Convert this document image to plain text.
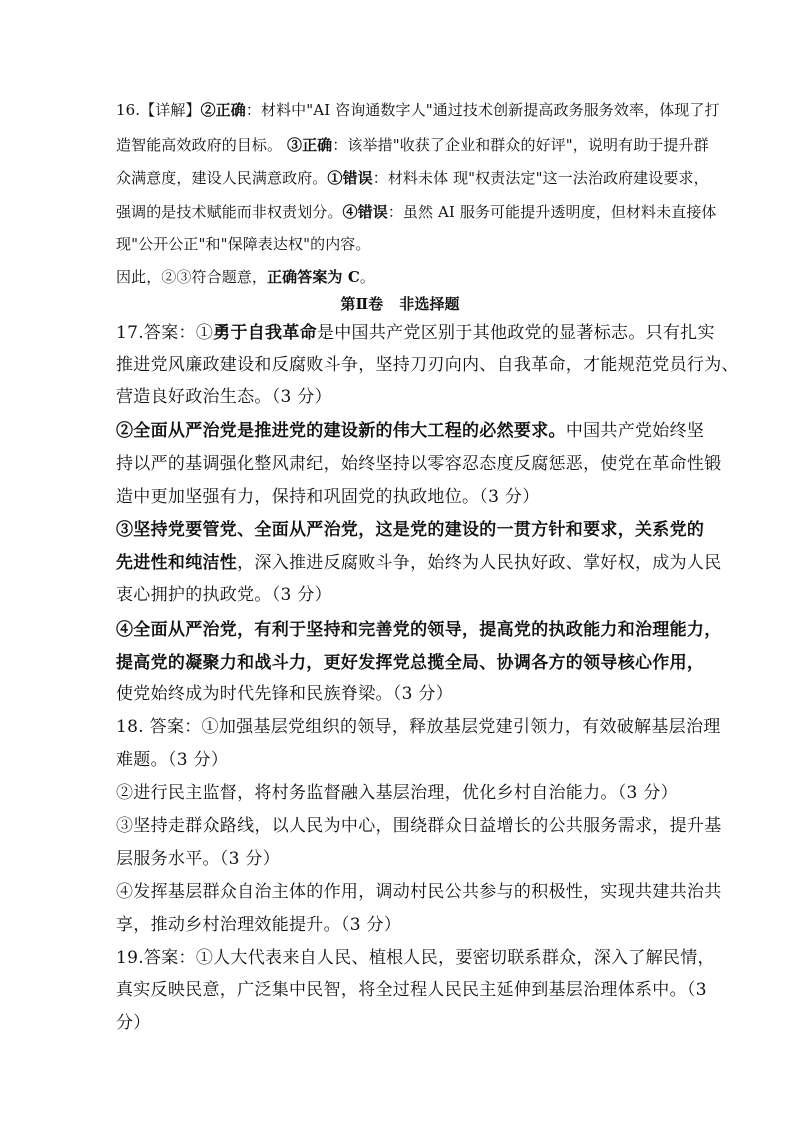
16.【详解】②正确：材料中"AI 咨询通数字人"通过技术创新提高政务服务效率，体现了打
造智能高效政府的目标。 ③正确：该举措"收获了企业和群众的好评"，说明有助于提升群
众满意度，建设人民满意政府。①错误：材料未体 现"权责法定"这一法治政府建设要求，
强调的是技术赋能而非权责划分。④错误：虽然 AI 服务可能提升透明度，但材料未直接体
现"公开公正"和"保障表达权"的内容。
因此，②③符合题意，正确答案为 C。
第Ⅱ卷   非选择题
17.答案：①勇于自我革命是中国共产党区别于其他政党的显著标志。只有扎实
推进党风廉政建设和反腐败斗争，坚持刀刃向内、自我革命，才能规范党员行为、
营造良好政治生态。（3 分）
②全面从严治党是推进党的建设新的伟大工程的必然要求。中国共产党始终坚
持以严的基调强化整风肃纪，始终坚持以零容忍态度反腐惩恶，使党在革命性锻
造中更加坚强有力，保持和巩固党的执政地位。（3 分）
③坚持党要管党、全面从严治党，这是党的建设的一贯方针和要求，关系党的
先进性和纯洁性，深入推进反腐败斗争，始终为人民执好政、掌好权，成为人民
衷心拥护的执政党。（3 分）
④全面从严治党，有利于坚持和完善党的领导，提高党的执政能力和治理能力，
提高党的凝聚力和战斗力，更好发挥党总揽全局、协调各方的领导核心作用，
使党始终成为时代先锋和民族脊梁。（3 分）
18. 答案：①加强基层党组织的领导，释放基层党建引领力，有效破解基层治理
难题。（3 分）
②进行民主监督，将村务监督融入基层治理，优化乡村自治能力。（3 分）
③坚持走群众路线，以人民为中心，围绕群众日益增长的公共服务需求，提升基
层服务水平。（3 分）
④发挥基层群众自治主体的作用，调动村民公共参与的积极性，实现共建共治共
享，推动乡村治理效能提升。（3 分）
19.答案：①人大代表来自人民、植根人民，要密切联系群众，深入了解民情，
真实反映民意，广泛集中民智，将全过程人民民主延伸到基层治理体系中。（3
分）
